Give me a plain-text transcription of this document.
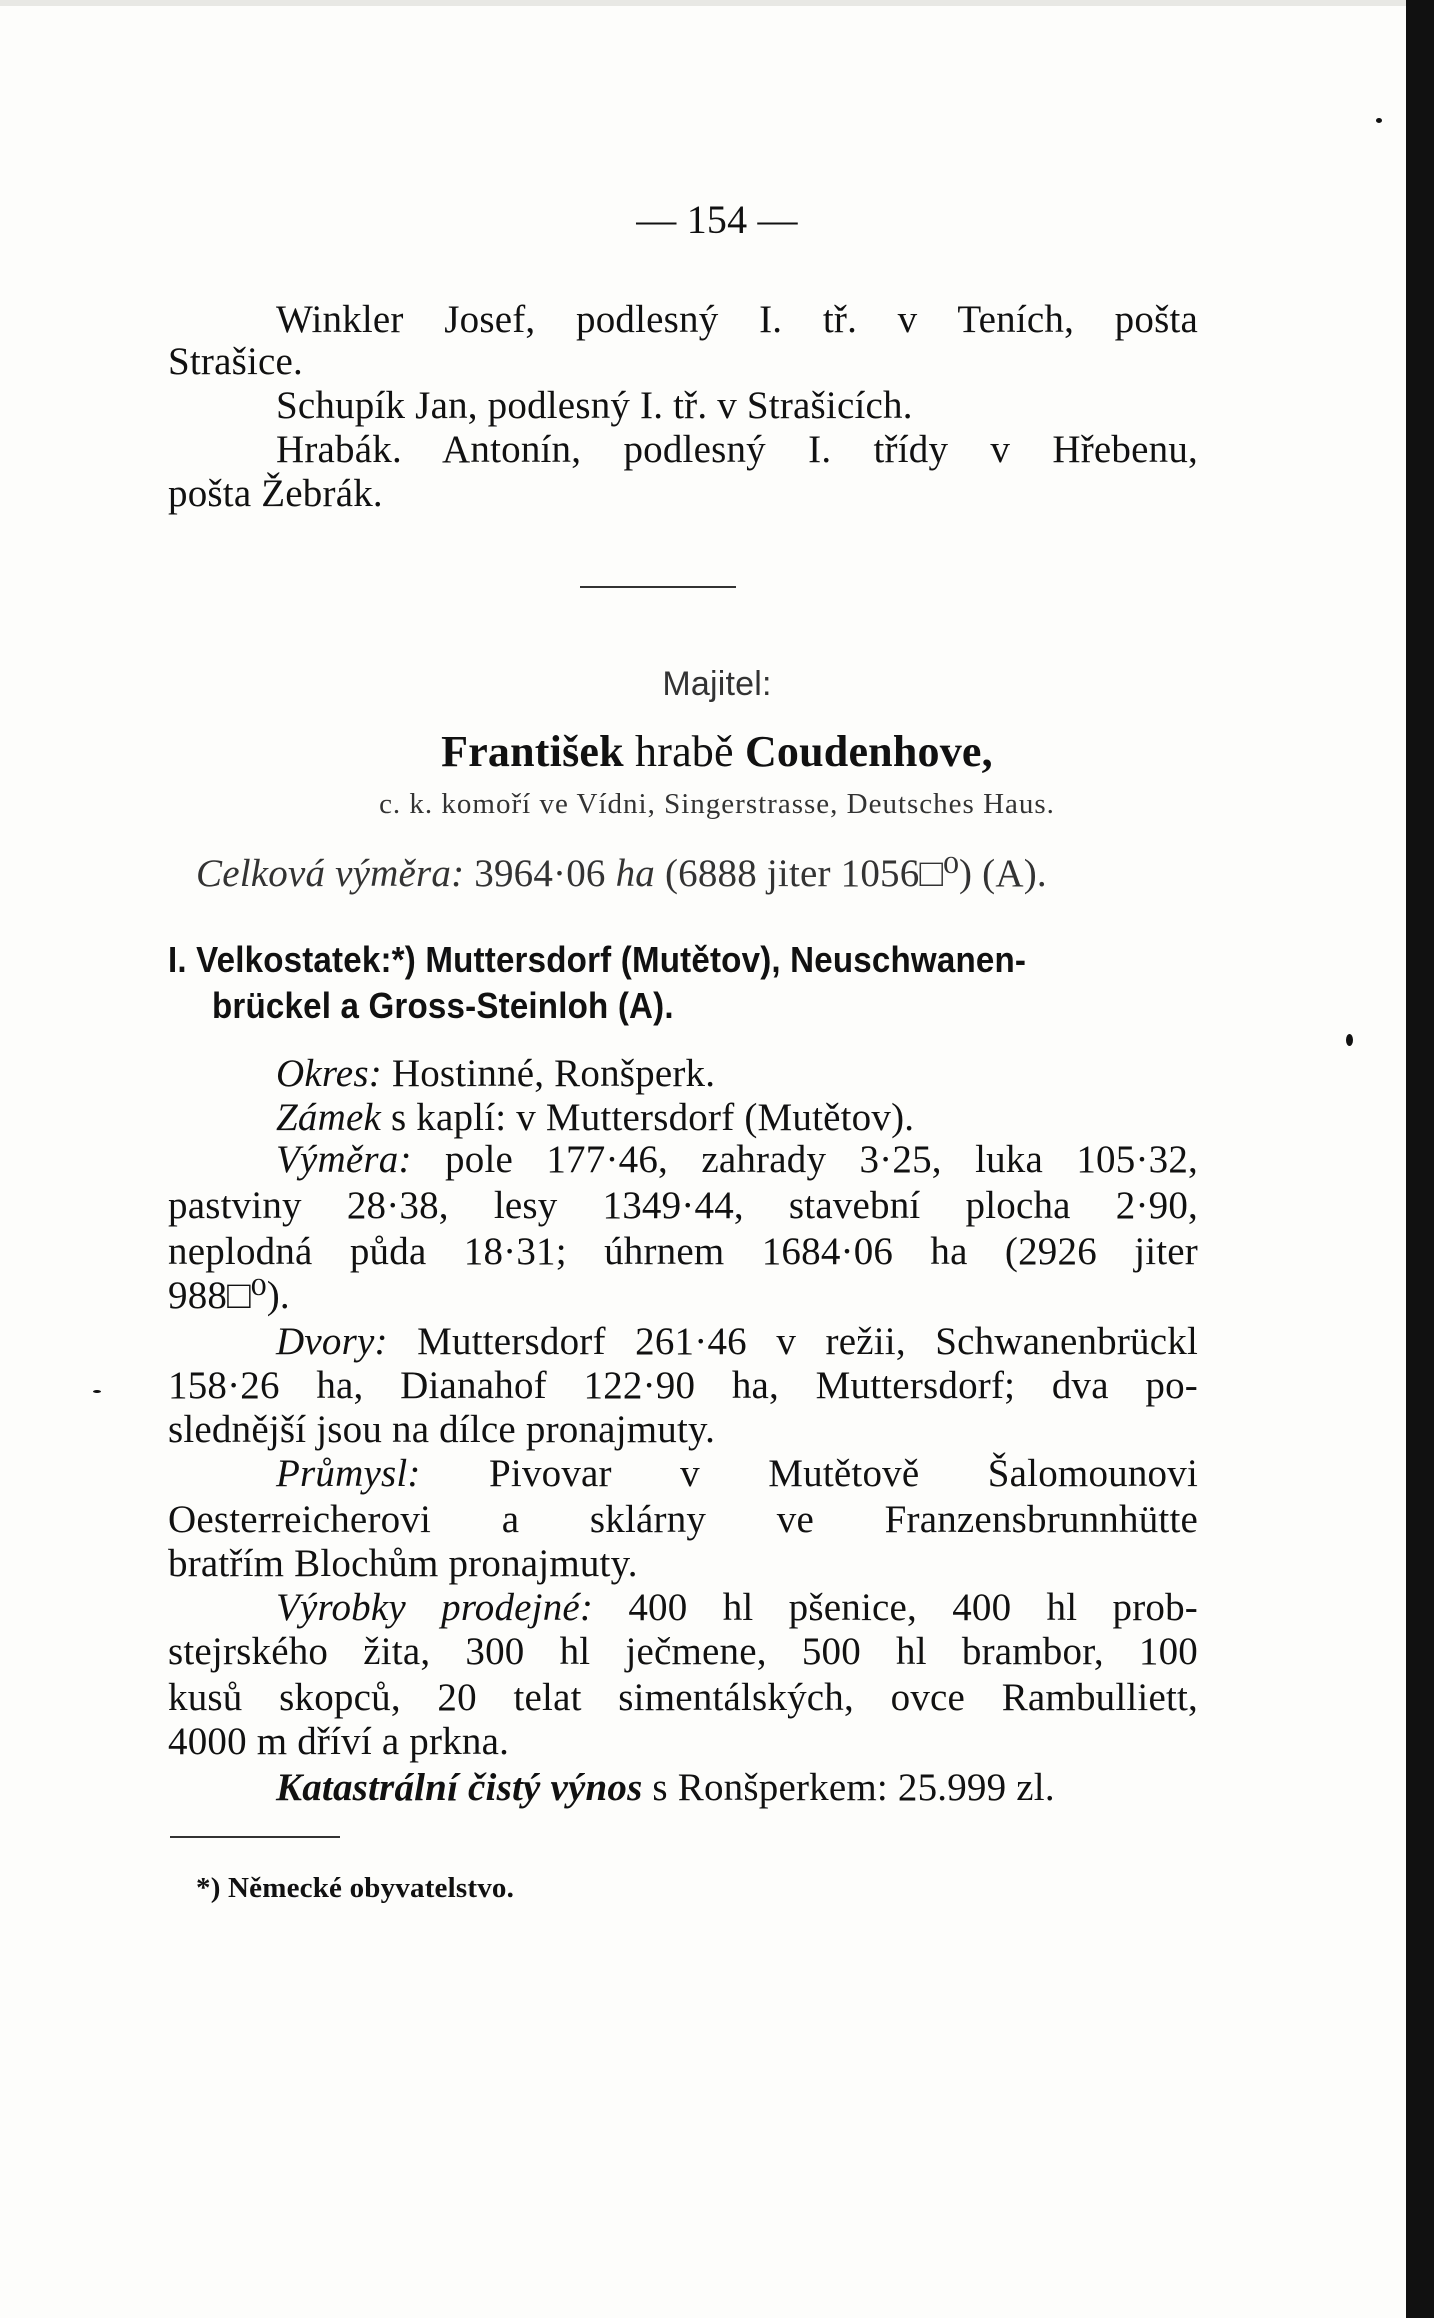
— 154 —
Winkler Josef, podlesný I. tř. v Teních, pošta
Strašice.
Schupík Jan, podlesný I. tř. v Strašicích.
Hrabák. Antonín, podlesný I. třídy v Hřebenu,
pošta Žebrák.
Majitel:
František hrabě Coudenhove,
c. k. komoří ve Vídni, Singerstrasse, Deutsches Haus.
Celková výměra: 3964·06 ha (6888 jiter 1056□⁰) (A).
I. Velkostatek:*) Muttersdorf (Mutětov), Neuschwanen-
brückel a Gross-Steinloh (A).
Okres: Hostinné, Ronšperk.
Zámek s kaplí: v Muttersdorf (Mutětov).
Výměra: pole 177·46, zahrady 3·25, luka 105·32,
pastviny 28·38, lesy 1349·44, stavební plocha 2·90,
neplodná půda 18·31; úhrnem 1684·06 ha (2926 jiter
988□⁰).
Dvory: Muttersdorf 261·46 v režii, Schwanenbrückl
158·26 ha, Dianahof 122·90 ha, Muttersdorf; dva po-
slednější jsou na dílce pronajmuty.
Průmysl: Pivovar v Mutětově Šalomounovi
Oesterreicherovi a sklárny ve Franzensbrunnhütte
bratřím Blochům pronajmuty.
Výrobky prodejné: 400 hl pšenice, 400 hl prob-
stejrského žita, 300 hl ječmene, 500 hl brambor, 100
kusů skopců, 20 telat simentálských, ovce Rambulliett,
4000 m dříví a prkna.
Katastrální čistý výnos s Ronšperkem: 25.999 zl.
*) Německé obyvatelstvo.
